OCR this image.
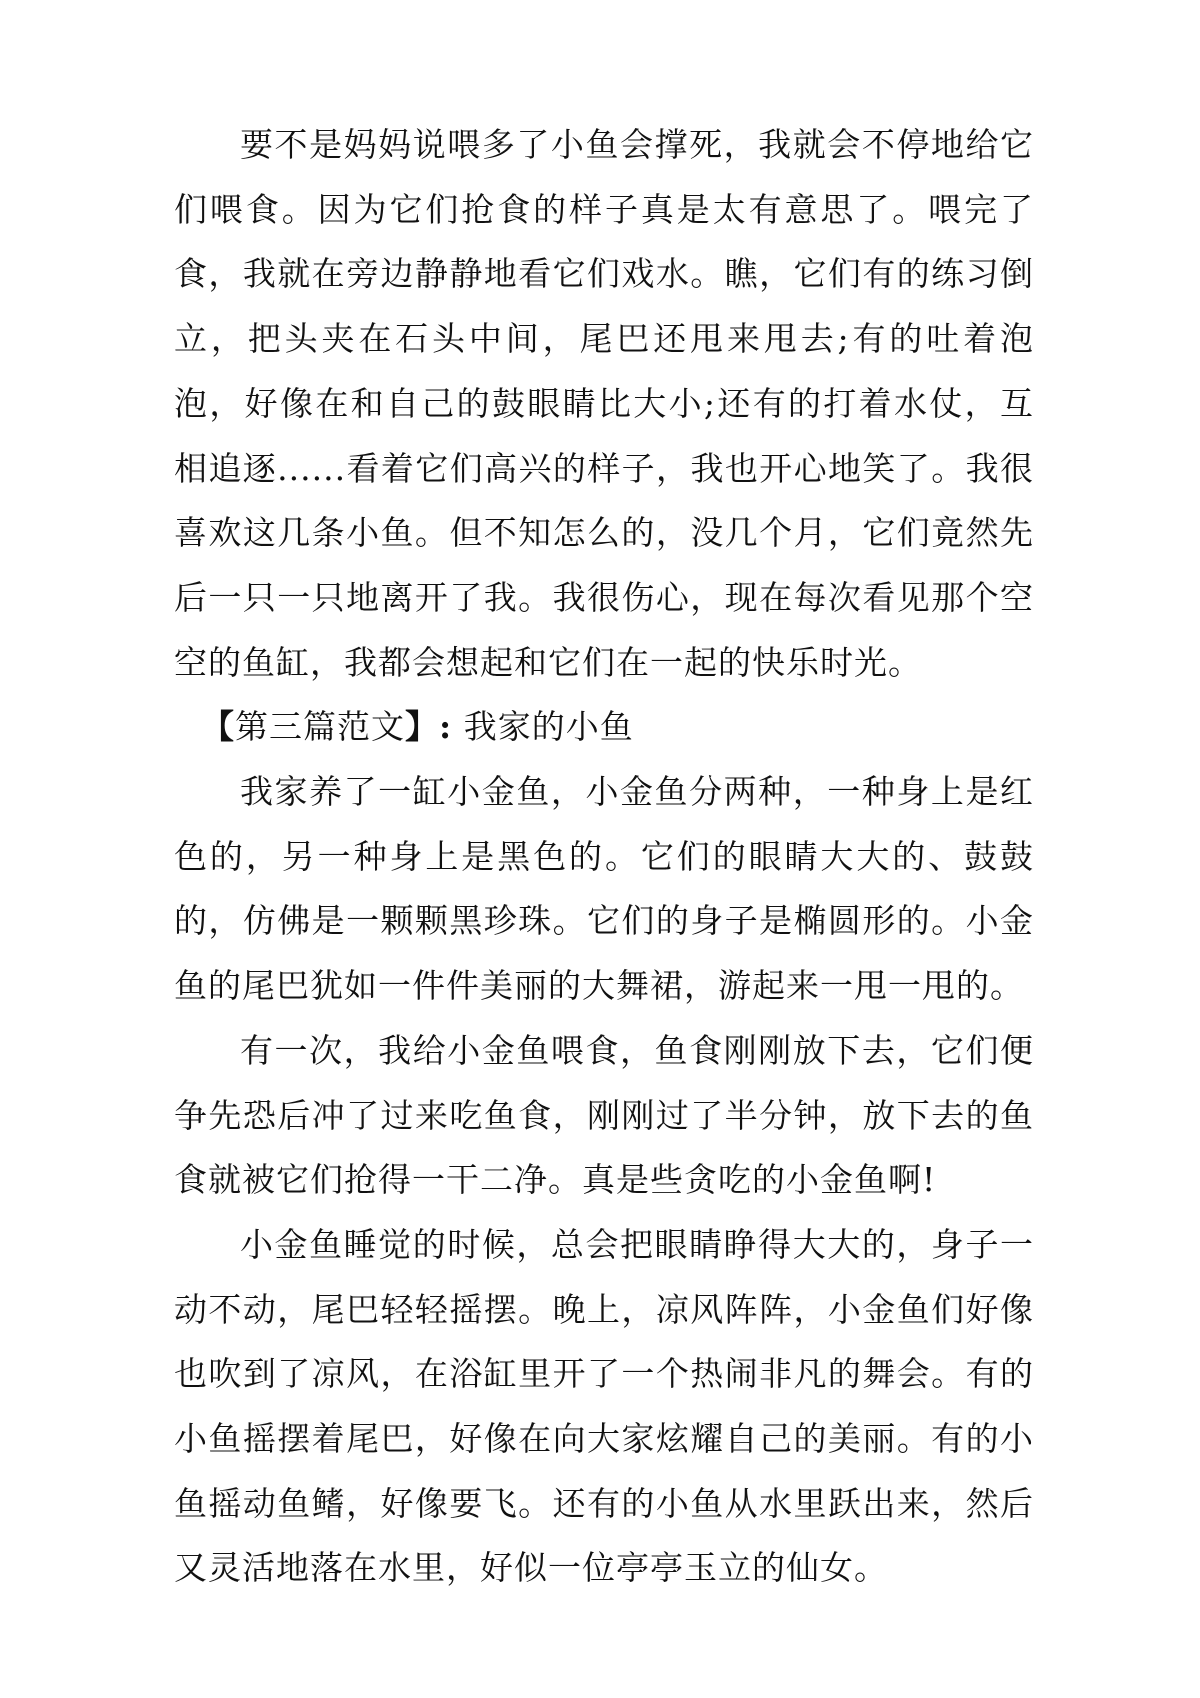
要不是妈妈说喂多了小鱼会撑死，我就会不停地给它们喂食。因为它们抢食的样子真是太有意思了。喂完了食，我就在旁边静静地看它们戏水。瞧，它们有的练习倒立，把头夹在石头中间，尾巴还甩来甩去;有的吐着泡泡，好像在和自己的鼓眼睛比大小;还有的打着水仗，互相追逐......看着它们高兴的样子，我也开心地笑了。我很喜欢这几条小鱼。但不知怎么的，没几个月，它们竟然先后一只一只地离开了我。我很伤心，现在每次看见那个空空的鱼缸，我都会想起和它们在一起的快乐时光。

【第三篇范文】: 我家的小鱼

我家养了一缸小金鱼，小金鱼分两种，一种身上是红色的，另一种身上是黑色的。它们的眼睛大大的、鼓鼓的，仿佛是一颗颗黑珍珠。它们的身子是椭圆形的。小金鱼的尾巴犹如一件件美丽的大舞裙，游起来一甩一甩的。

有一次，我给小金鱼喂食，鱼食刚刚放下去，它们便争先恐后冲了过来吃鱼食，刚刚过了半分钟，放下去的鱼食就被它们抢得一干二净。真是些贪吃的小金鱼啊!

小金鱼睡觉的时候，总会把眼睛睁得大大的，身子一动不动，尾巴轻轻摇摆。晚上，凉风阵阵，小金鱼们好像也吹到了凉风，在浴缸里开了一个热闹非凡的舞会。有的小鱼摇摆着尾巴，好像在向大家炫耀自己的美丽。有的小鱼摇动鱼鳍，好像要飞。还有的小鱼从水里跃出来，然后又灵活地落在水里，好似一位亭亭玉立的仙女。
